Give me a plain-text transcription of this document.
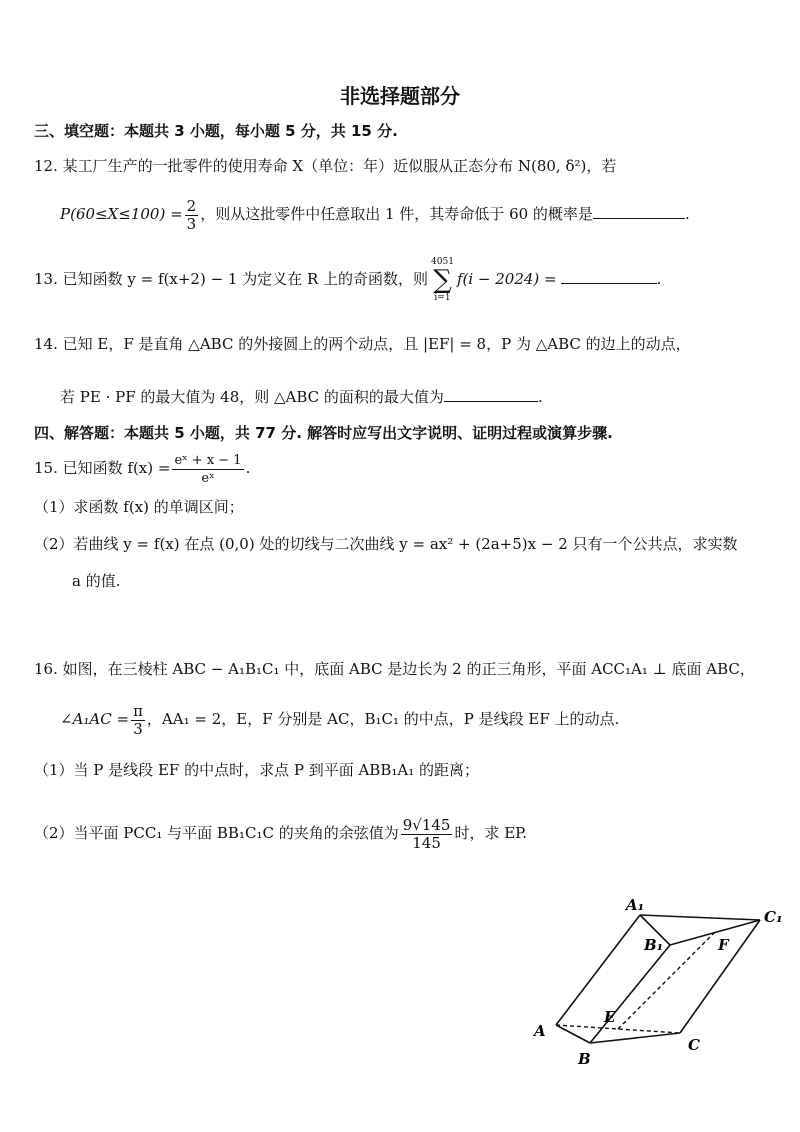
非选择题部分
三、填空题：本题共 3 小题，每小题 5 分，共 15 分.
12. 某工厂生产的一批零件的使用寿命 X（单位：年）近似服从正态分布 N(80, δ²)，若
$P(60\le X\le 100) = \frac{2}{3}$ ，则从这批零件中任意取出 1 件，其寿命低于 60 的概率是	.
13. 已知函数 y = f(x+2) − 1 为定义在 R 上的奇函数，则
4051
∑
i=1
f(i − 2024) =	.
14. 已知 E，F 是直角 △ABC 的外接圆上的两个动点，且 |EF| = 8，P 为 △ABC 的边上的动点，
若 PE · PF 的最大值为 48，则 △ABC 的面积的最大值为	.
四、解答题：本题共 5 小题，共 77 分. 解答时应写出文字说明、证明过程或演算步骤.
15. 已知函数 $f(x) = \frac{\text{eˣ + x − 1}}{\text{eˣ}}$ .
（1）求函数 f(x) 的单调区间；
（2）若曲线 y = f(x) 在点 (0,0) 处的切线与二次曲线 y = ax² + (2a+5)x − 2 只有一个公共点，求实数
a 的值.
16. 如图，在三棱柱 ABC − A₁B₁C₁ 中，底面 ABC 是边长为 2 的正三角形，平面 ACC₁A₁ ⊥ 底面 ABC，
∠A₁AC = $\frac{\pi}{3}$ ，AA₁ = 2，E，F 分别是 AC，B₁C₁ 的中点，P 是线段 EF 上的动点.
（1）当 P 是线段 EF 的中点时，求点 P 到平面 ABB₁A₁ 的距离；
（2）当平面 PCC₁ 与平面 BB₁C₁C 的夹角的余弦值为 $\frac{9√145}{145}$ 时，求 EP.
A₁
C₁
B₁	F
E
A
B
C
